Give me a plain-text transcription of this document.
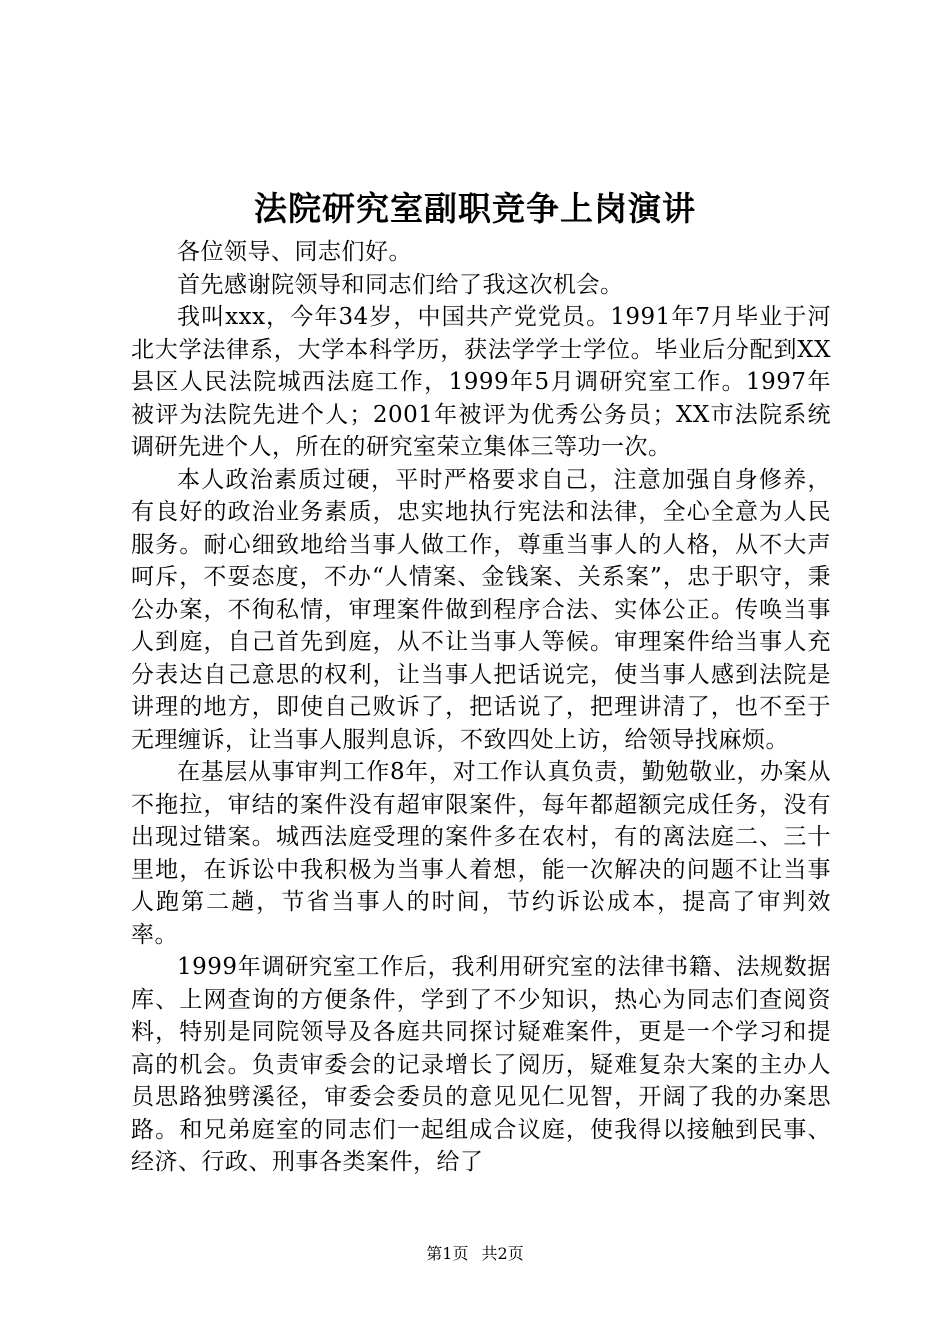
法院研究室副职竞争上岗演讲

各位领导、同志们好。

首先感谢院领导和同志们给了我这次机会。

我叫xxx，今年34岁，中国共产党党员。1991年7月毕业于河北大学法律系，大学本科学历，获法学学士学位。毕业后分配到XX县区人民法院城西法庭工作，1999年5月调研究室工作。1997年被评为法院先进个人；2001年被评为优秀公务员；XX市法院系统调研先进个人，所在的研究室荣立集体三等功一次。

本人政治素质过硬，平时严格要求自己，注意加强自身修养，有良好的政治业务素质，忠实地执行宪法和法律，全心全意为人民服务。耐心细致地给当事人做工作，尊重当事人的人格，从不大声呵斥，不耍态度，不办“人情案、金钱案、关系案”，忠于职守，秉公办案，不徇私情，审理案件做到程序合法、实体公正。传唤当事人到庭，自己首先到庭，从不让当事人等候。审理案件给当事人充分表达自己意思的权利，让当事人把话说完，使当事人感到法院是讲理的地方，即使自己败诉了，把话说了，把理讲清了，也不至于无理缠诉，让当事人服判息诉，不致四处上访，给领导找麻烦。

在基层从事审判工作8年，对工作认真负责，勤勉敬业，办案从不拖拉，审结的案件没有超审限案件，每年都超额完成任务，没有出现过错案。城西法庭受理的案件多在农村，有的离法庭二、三十里地，在诉讼中我积极为当事人着想，能一次解决的问题不让当事人跑第二趟，节省当事人的时间，节约诉讼成本，提高了审判效率。

1999年调研究室工作后，我利用研究室的法律书籍、法规数据库、上网查询的方便条件，学到了不少知识，热心为同志们查阅资料，特别是同院领导及各庭共同探讨疑难案件，更是一个学习和提高的机会。负责审委会的记录增长了阅历，疑难复杂大案的主办人员思路独劈溪径，审委会委员的意见见仁见智，开阔了我的办案思路。和兄弟庭室的同志们一起组成合议庭，使我得以接触到民事、经济、行政、刑事各类案件，给了

第1页 共2页
